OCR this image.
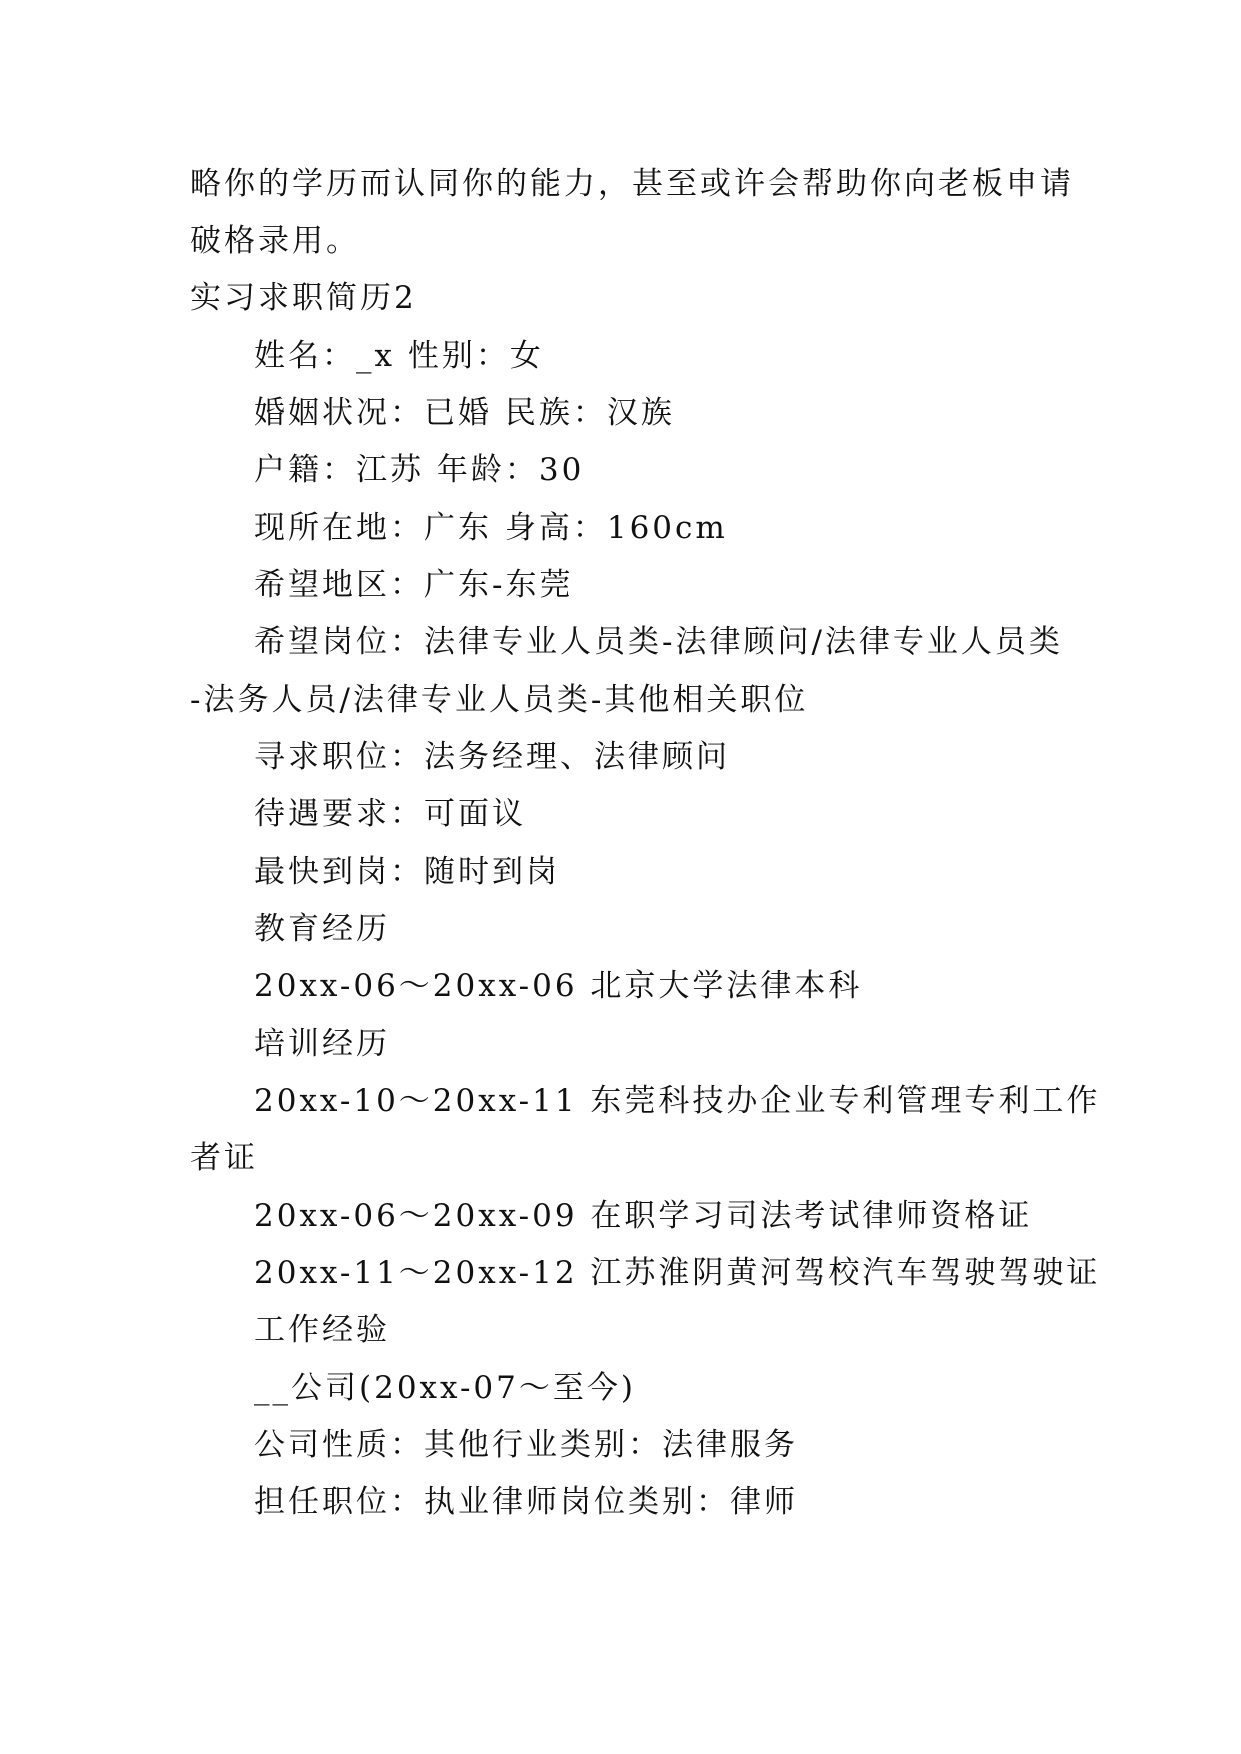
略你的学历而认同你的能力，甚至或许会帮助你向老板申请
破格录用。
实习求职简历2
姓名：_x 性别：女
婚姻状况：已婚 民族：汉族
户籍：江苏 年龄：30
现所在地：广东 身高：160cm
希望地区：广东-东莞
希望岗位：法律专业人员类-法律顾问/法律专业人员类
-法务人员/法律专业人员类-其他相关职位
寻求职位：法务经理、法律顾问
待遇要求：可面议
最快到岗：随时到岗
教育经历
20xx-06～20xx-06 北京大学法律本科
培训经历
20xx-10～20xx-11 东莞科技办企业专利管理专利工作
者证
20xx-06～20xx-09 在职学习司法考试律师资格证
20xx-11～20xx-12 江苏淮阴黄河驾校汽车驾驶驾驶证
工作经验
__公司(20xx-07～至今)
公司性质：其他行业类别：法律服务
担任职位：执业律师岗位类别：律师
